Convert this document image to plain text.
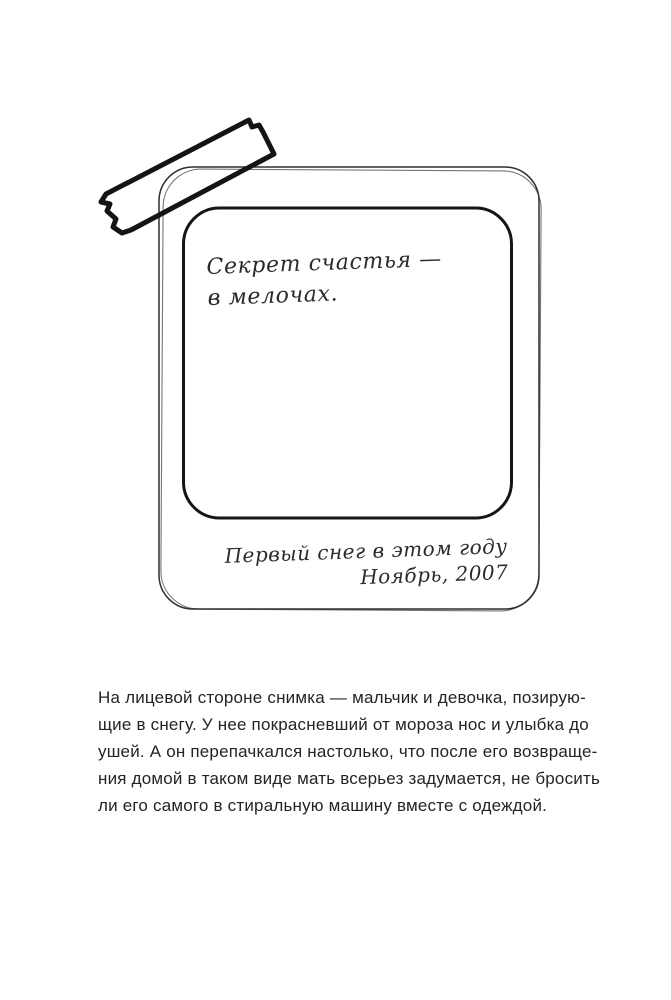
Секрет счастья —
в мелочах.
Первый снег в этом году
Ноябрь, 2007
На лицевой стороне снимка — мальчик и девочка, позирую-
щие в снегу. У нее покрасневший от мороза нос и улыбка до
ушей. А он перепачкался настолько, что после его возвраще-
ния домой в таком виде мать всерьез задумается, не бросить
ли его самого в стиральную машину вместе с одеждой.
